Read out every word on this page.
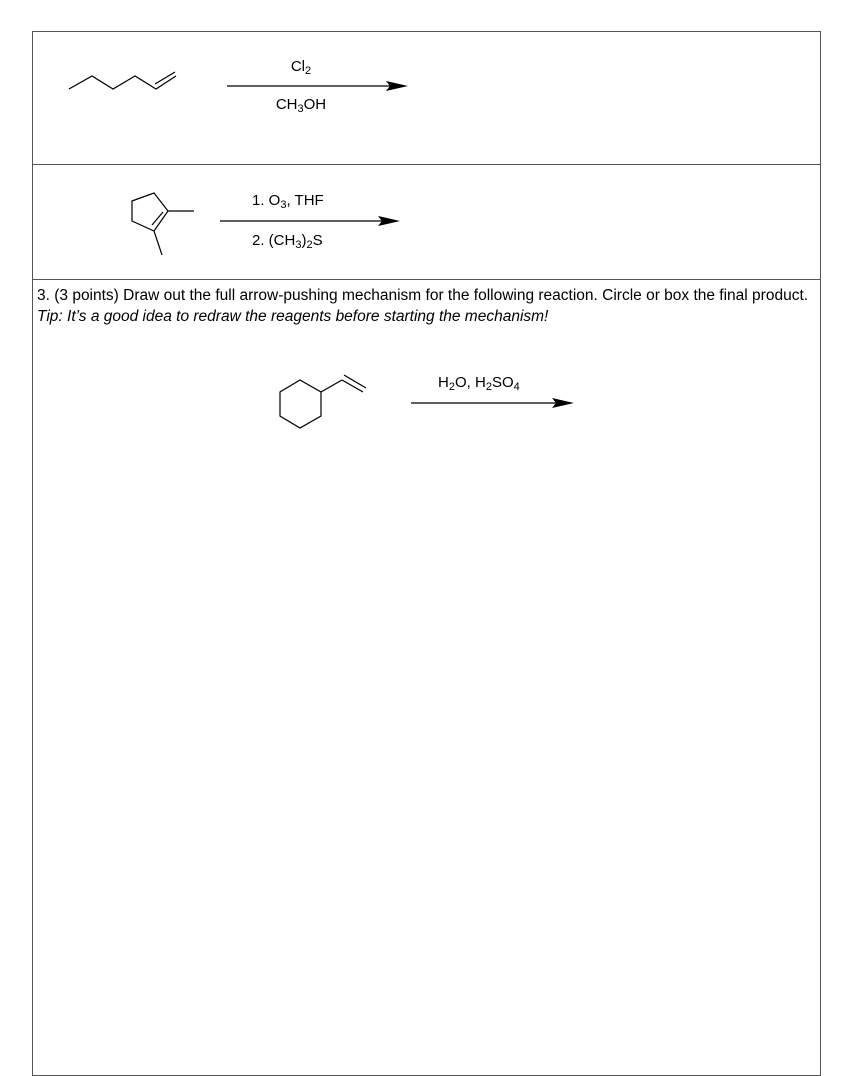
$Cl_2$
$CH_3OH$
1. $O_3$, THF
2. $(CH_3)_2S$
3. (3 points) Draw out the full arrow-pushing mechanism for the following reaction. Circle or box the final product.  Tip: It’s a good idea to redraw the reagents before starting the mechanism!
$H_2O$, $H_2SO_4$
